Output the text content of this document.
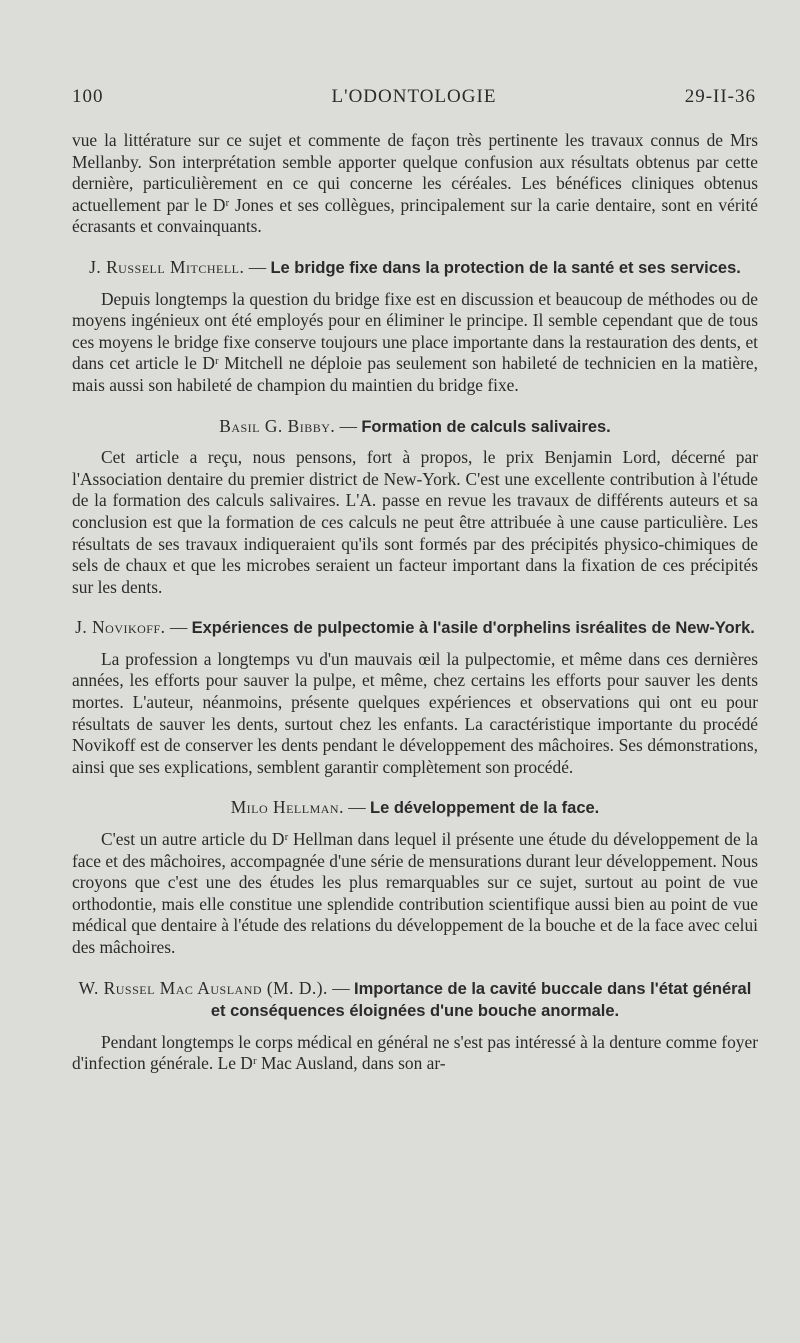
100	L'ODONTOLOGIE	29-II-36

vue la littérature sur ce sujet et commente de façon très pertinente les travaux connus de Mrs Mellanby. Son interprétation semble apporter quelque confusion aux résultats obtenus par cette dernière, particulièrement en ce qui concerne les céréales. Les bénéfices cliniques obtenus actuellement par le Dʳ Jones et ses collègues, principalement sur la carie dentaire, sont en vérité écrasants et convainquants.

J. Russell Mitchell. — Le bridge fixe dans la protection de la santé et ses services.

Depuis longtemps la question du bridge fixe est en discussion et beaucoup de méthodes ou de moyens ingénieux ont été employés pour en éliminer le principe. Il semble cependant que de tous ces moyens le bridge fixe conserve toujours une place importante dans la restauration des dents, et dans cet article le Dʳ Mitchell ne déploie pas seulement son habileté de technicien en la matière, mais aussi son habileté de champion du maintien du bridge fixe.

Basil G. Bibby. — Formation de calculs salivaires.

Cet article a reçu, nous pensons, fort à propos, le prix Benjamin Lord, décerné par l'Association dentaire du premier district de New-York. C'est une excellente contribution à l'étude de la formation des calculs salivaires. L'A. passe en revue les travaux de différents auteurs et sa conclusion est que la formation de ces calculs ne peut être attribuée à une cause particulière. Les résultats de ses travaux indiqueraient qu'ils sont formés par des précipités physico-chimiques de sels de chaux et que les microbes seraient un facteur important dans la fixation de ces précipités sur les dents.

J. Novikoff. — Expériences de pulpectomie à l'asile d'orphelins isréalites de New-York.

La profession a longtemps vu d'un mauvais œil la pulpectomie, et même dans ces dernières années, les efforts pour sauver la pulpe, et même, chez certains les efforts pour sauver les dents mortes. L'auteur, néanmoins, présente quelques expériences et observations qui ont eu pour résultats de sauver les dents, surtout chez les enfants. La caractéristique importante du procédé Novikoff est de conserver les dents pendant le développement des mâchoires. Ses démonstrations, ainsi que ses explications, semblent garantir complètement son procédé.

Milo Hellman. — Le développement de la face.

C'est un autre article du Dʳ Hellman dans lequel il présente une étude du développement de la face et des mâchoires, accompagnée d'une série de mensurations durant leur développement. Nous croyons que c'est une des études les plus remarquables sur ce sujet, surtout au point de vue orthodontie, mais elle constitue une splendide contribution scientifique aussi bien au point de vue médical que dentaire à l'étude des relations du développement de la bouche et de la face avec celui des mâchoires.

W. Russel Mac Ausland (M. D.). — Importance de la cavité buccale dans l'état général et conséquences éloignées d'une bouche anormale.

Pendant longtemps le corps médical en général ne s'est pas intéressé à la denture comme foyer d'infection générale. Le Dʳ Mac Ausland, dans son ar-
